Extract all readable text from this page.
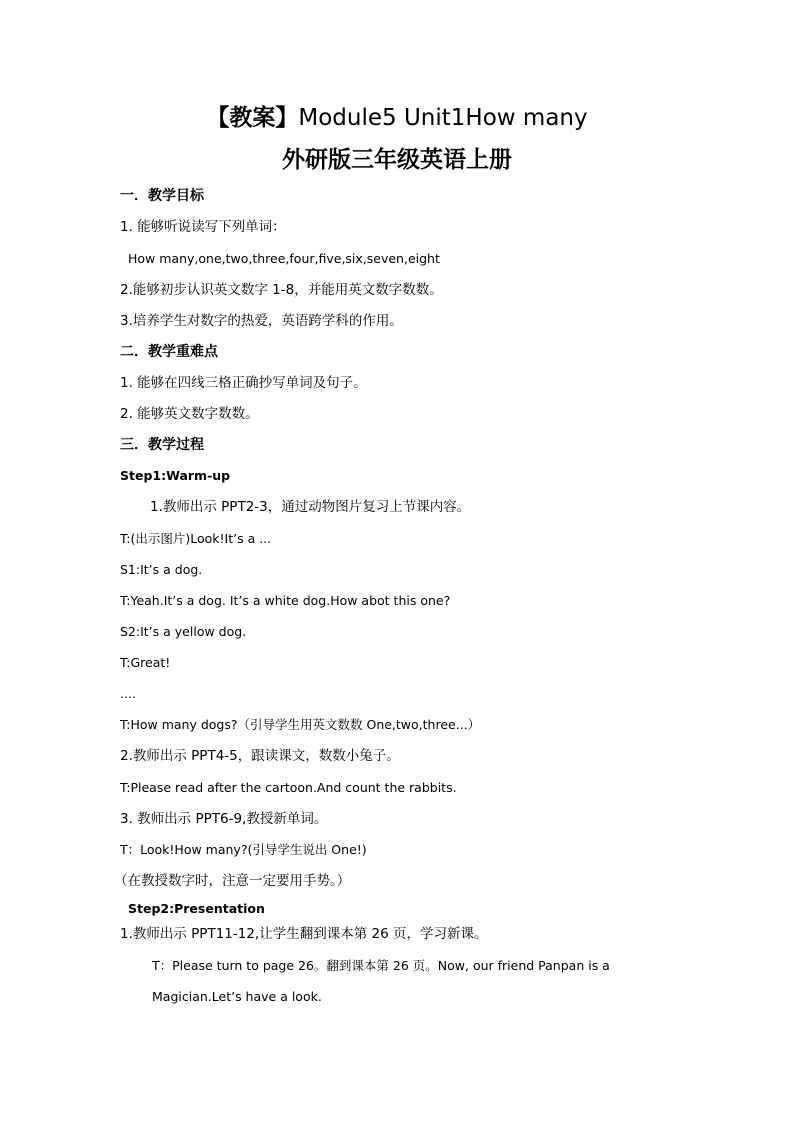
【教案】Module5 Unit1How many
外研版三年级英语上册
一．教学目标
1. 能够听说读写下列单词：
How many,one,two,three,four,five,six,seven,eight
2.能够初步认识英文数字 1-8，并能用英文数字数数。
3.培养学生对数字的热爱，英语跨学科的作用。
二．教学重难点
1. 能够在四线三格正确抄写单词及句子。
2. 能够英文数字数数。
三．教学过程
Step1:Warm-up
1.教师出示 PPT2-3，通过动物图片复习上节课内容。
T:(出示图片)Look!It’s a ...
S1:It’s a dog.
T:Yeah.It’s a dog. It’s a white dog.How abot this one?
S2:It’s a yellow dog.
T:Great!
....
T:How many dogs?（引导学生用英文数数 One,two,three...）
2.教师出示 PPT4-5，跟读课文，数数小兔子。
T:Please read after the cartoon.And count the rabbits.
3. 教师出示 PPT6-9,教授新单词。
T：Look!How many?(引导学生说出 One!)
（在教授数字时，注意一定要用手势。）
Step2:Presentation
1.教师出示 PPT11-12,让学生翻到课本第 26 页，学习新课。
T：Please turn to page 26。翻到课本第 26 页。Now, our friend Panpan is a
Magician.Let’s have a look.
